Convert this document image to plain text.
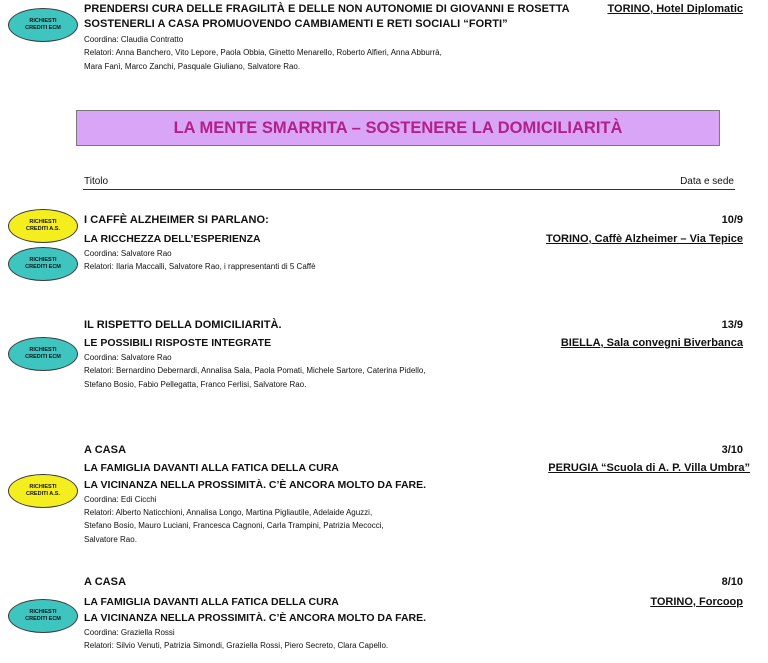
RICHIESTI
CREDITI ECM
PRENDERSI CURA DELLE FRAGILITÀ E DELLE NON AUTONOMIE DI GIOVANNI E ROSETTA
SOSTENERLI A CASA PROMUOVENDO CAMBIAMENTI E RETI SOCIALI “FORTI”
TORINO, Hotel Diplomatic
Coordina: Claudia Contratto
Relatori: Anna Banchero, Vito Lepore, Paola Obbia, Ginetto Menarello, Roberto Alfieri, Anna Abburrà,
Mara Fanì, Marco Zanchi, Pasquale Giuliano, Salvatore Rao.
LA MENTE SMARRITA – SOSTENERE LA DOMICILIARITÀ
Titolo	Data e sede
RICHIESTI
CREDITI A.S.
RICHIESTI
CREDITI ECM
I CAFFÈ ALZHEIMER SI PARLANO:	10/9
LA RICCHEZZA DELL’ESPERIENZA	TORINO, Caffè Alzheimer – Via Tepice
Coordina: Salvatore Rao
Relatori: Ilaria Maccalli, Salvatore Rao, i rappresentanti di 5 Caffè
RICHIESTI
CREDITI ECM
IL RISPETTO DELLA DOMICILIARITÀ.	13/9
LE POSSIBILI RISPOSTE INTEGRATE	BIELLA, Sala convegni Biverbanca
Coordina: Salvatore Rao
Relatori: Bernardino Debernardi, Annalisa Sala, Paola Pomati, Michele Sartore, Caterina Pidello,
Stefano Bosio, Fabio Pellegatta, Franco Ferlisi, Salvatore Rao.
RICHIESTI
CREDITI A.S.
A CASA	3/10
LA FAMIGLIA DAVANTI ALLA FATICA DELLA CURA	PERUGIA “Scuola di A. P. Villa Umbra”
LA VICINANZA NELLA PROSSIMITÀ. C’È ANCORA MOLTO DA FARE.
Coordina: Edi Cicchi
Relatori: Alberto Naticchioni, Annalisa Longo, Martina Pigliautile, Adelaide Aguzzi,
Stefano Bosio, Mauro Luciani, Francesca Cagnoni, Carla Trampini, Patrizia Mecocci,
Salvatore Rao.
RICHIESTI
CREDITI ECM
A CASA	8/10
LA FAMIGLIA DAVANTI ALLA FATICA DELLA CURA	TORINO, Forcoop
LA VICINANZA NELLA PROSSIMITÀ. C’È ANCORA MOLTO DA FARE.
Coordina: Graziella Rossi
Relatori: Silvio Venuti, Patrizia Simondi, Graziella Rossi, Piero Secreto, Clara Capello.
